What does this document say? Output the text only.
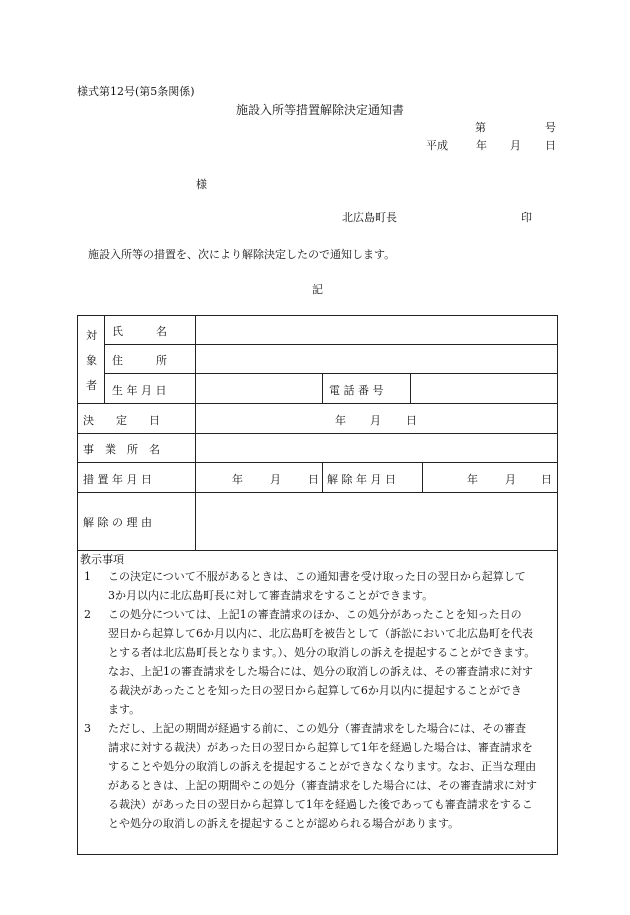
様式第12号(第5条関係)
施設入所等措置解除決定通知書
第	号
平成	年 月 日
様
北広島町長	印
施設入所等の措置を、次により解除決定したので通知します。
記
対
象
者
氏　　　名
住　　　所
生 年 月 日	電 話 番 号
決　　定　　日	年 月 日
事　業　所　名
措 置 年 月 日	年 月 日 解 除 年 月 日	年 月 日
解 除 の 理 由
教示事項
1 この決定について不服があるときは、この通知書を受け取った日の翌日から起算して
3か月以内に北広島町長に対して審査請求をすることができます。
2 この処分については、上記1の審査請求のほか、この処分があったことを知った日の
翌日から起算して6か月以内に、北広島町を被告として（訴訟において北広島町を代表
とする者は北広島町長となります。）、処分の取消しの訴えを提起することができます。
なお、上記1の審査請求をした場合には、処分の取消しの訴えは、その審査請求に対す
る裁決があったことを知った日の翌日から起算して6か月以内に提起することができ
ます。
3 ただし、上記の期間が経過する前に、この処分（審査請求をした場合には、その審査
請求に対する裁決）があった日の翌日から起算して1年を経過した場合は、審査請求を
することや処分の取消しの訴えを提起することができなくなります。なお、正当な理由
があるときは、上記の期間やこの処分（審査請求をした場合には、その審査請求に対す
る裁決）があった日の翌日から起算して1年を経過した後であっても審査請求をするこ
とや処分の取消しの訴えを提起することが認められる場合があります。
